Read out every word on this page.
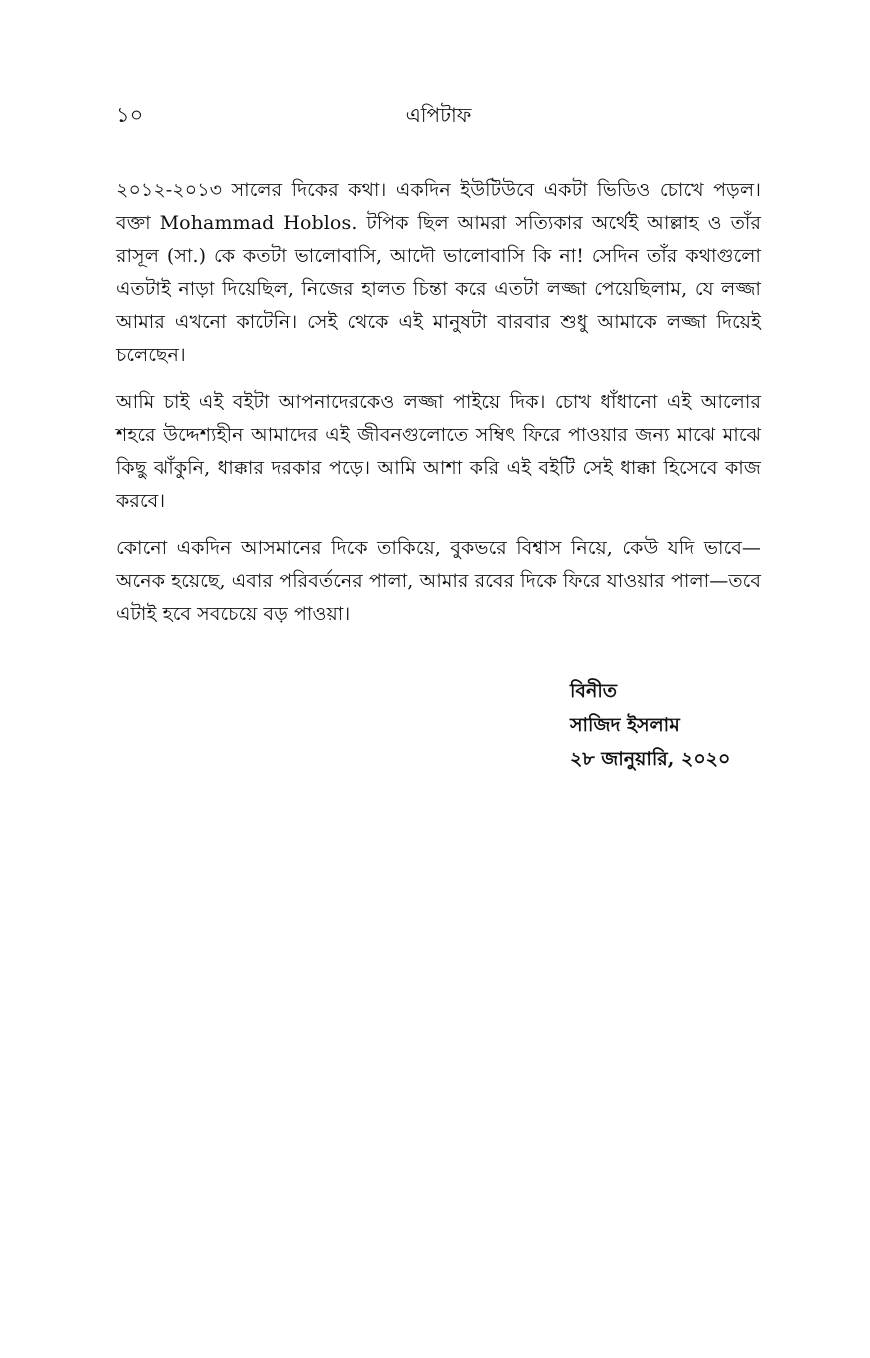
১০	এপিটাফ

২০১২-২০১৩ সালের দিকের কথা। একদিন ইউটিউবে একটা ভিডিও চোখে পড়ল। বক্তা Mohammad Hoblos. টপিক ছিল আমরা সত্যিকার অর্থেই আল্লাহ ও তাঁর রাসূল (সা.) কে কতটা ভালোবাসি, আদৌ ভালোবাসি কি না! সেদিন তাঁর কথাগুলো এতটাই নাড়া দিয়েছিল, নিজের হালত চিন্তা করে এতটা লজ্জা পেয়েছিলাম, যে লজ্জা আমার এখনো কাটেনি। সেই থেকে এই মানুষটা বারবার শুধু আমাকে লজ্জা দিয়েই চলেছেন।

আমি চাই এই বইটা আপনাদেরকেও লজ্জা পাইয়ে দিক। চোখ ধাঁধানো এই আলোর শহরে উদ্দেশ্যহীন আমাদের এই জীবনগুলোতে সম্বিৎ ফিরে পাওয়ার জন্য মাঝে মাঝে কিছু ঝাঁকুনি, ধাক্কার দরকার পড়ে। আমি আশা করি এই বইটি সেই ধাক্কা হিসেবে কাজ করবে।

কোনো একদিন আসমানের দিকে তাকিয়ে, বুকভরে বিশ্বাস নিয়ে, কেউ যদি ভাবে—অনেক হয়েছে, এবার পরিবর্তনের পালা, আমার রবের দিকে ফিরে যাওয়ার পালা—তবে এটাই হবে সবচেয়ে বড় পাওয়া।

বিনীত
সাজিদ ইসলাম
২৮ জানুয়ারি, ২০২০
